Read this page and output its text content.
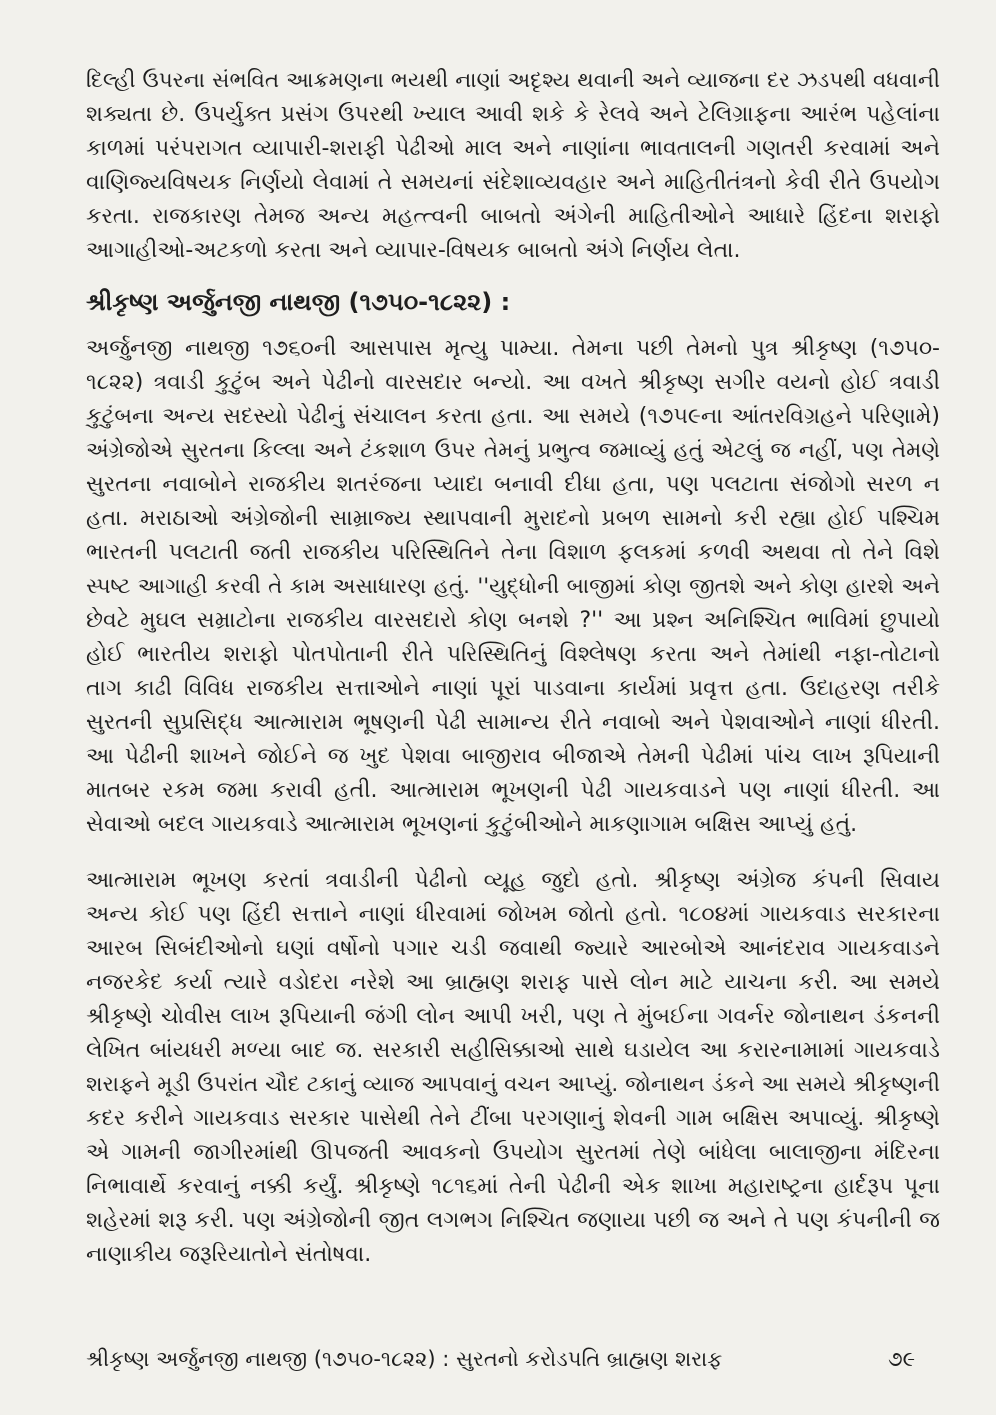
દિલ્હી ઉપરના સંભવિત આક્રમણના ભયથી નાણાં અદૃશ્ય થવાની અને વ્યાજના દર ઝડપથી વધવાની
શક્યતા છે. ઉપર્યુક્ત પ્રસંગ ઉપરથી ખ્યાલ આવી શકે કે રેલવે અને ટેલિગ્રાફના આરંભ પહેલાંના
કાળમાં પરંપરાગત વ્યાપારી-શરાફી પેઢીઓ માલ અને નાણાંના ભાવતાલની ગણતરી કરવામાં અને
વાણિજ્યવિષયક નિર્ણયો લેવામાં તે સમયનાં સંદેશાવ્યવહાર અને માહિતીતંત્રનો કેવી રીતે ઉપયોગ
કરતા. રાજકારણ તેમજ અન્ય મહત્ત્વની બાબતો અંગેની માહિતીઓને આધારે હિંદના શરાફો
આગાહીઓ-અટકળો કરતા અને વ્યાપાર-વિષયક બાબતો અંગે નિર્ણય લેતા.
શ્રીકૃષ્ણ અર્જુનજી નાથજી (૧૭૫૦-૧૮૨૨) :
અર્જુનજી નાથજી ૧૭૬૦ની આસપાસ મૃત્યુ પામ્યા. તેમના પછી તેમનો પુત્ર શ્રીકૃષ્ણ (૧૭૫૦-
૧૮૨૨) ત્રવાડી કુટુંબ અને પેઢીનો વારસદાર બન્યો. આ વખતે શ્રીકૃષ્ણ સગીર વયનો હોઈ ત્રવાડી
કુટુંબના અન્ય સદસ્યો પેઢીનું સંચાલન કરતા હતા. આ સમયે (૧૭૫૯ના આંતરવિગ્રહને પરિણામે)
અંગ્રેજોએ સુરતના કિલ્લા અને ટંકશાળ ઉપર તેમનું પ્રભુત્વ જમાવ્યું હતું એટલું જ નહીં, પણ તેમણે
સુરતના નવાબોને રાજકીય શતરંજના પ્યાદા બનાવી દીધા હતા, પણ પલટાતા સંજોગો સરળ ન
હતા. મરાઠાઓ અંગ્રેજોની સામ્રાજ્ય સ્થાપવાની મુરાદનો પ્રબળ સામનો કરી રહ્યા હોઈ પશ્ચિમ
ભારતની પલટાતી જતી રાજકીય પરિસ્થિતિને તેના વિશાળ ફલકમાં કળવી અથવા તો તેને વિશે
સ્પષ્ટ આગાહી કરવી તે કામ અસાધારણ હતું. ''યુદ્ધોની બાજીમાં કોણ જીતશે અને કોણ હારશે અને
છેવટે મુઘલ સમ્રાટોના રાજકીય વારસદારો કોણ બનશે ?'' આ પ્રશ્ન અનિશ્ચિત ભાવિમાં છુપાયો
હોઈ ભારતીય શરાફો પોતપોતાની રીતે પરિસ્થિતિનું વિશ્લેષણ કરતા અને તેમાંથી નફા-તોટાનો
તાગ કાઢી વિવિધ રાજકીય સત્તાઓને નાણાં પૂરાં પાડવાના કાર્યમાં પ્રવૃત્ત હતા. ઉદાહરણ તરીકે
સુરતની સુપ્રસિદ્ધ આત્મારામ ભૂષણની પેઢી સામાન્ય રીતે નવાબો અને પેશવાઓને નાણાં ધીરતી.
આ પેઢીની શાખને જોઈને જ ખુદ પેશવા બાજીરાવ બીજાએ તેમની પેઢીમાં પાંચ લાખ રૂપિયાની
માતબર રકમ જમા કરાવી હતી. આત્મારામ ભૂખણની પેઢી ગાયકવાડને પણ નાણાં ધીરતી. આ
સેવાઓ બદલ ગાયકવાડે આત્મારામ ભૂખણનાં કુટુંબીઓને માકણાગામ બક્ષિસ આપ્યું હતું.
આત્મારામ ભૂખણ કરતાં ત્રવાડીની પેઢીનો વ્યૂહ જુદો હતો. શ્રીકૃષ્ણ અંગ્રેજ કંપની સિવાય
અન્ય કોઈ પણ હિંદી સત્તાને નાણાં ધીરવામાં જોખમ જોતો હતો. ૧૮૦૪માં ગાયકવાડ સરકારના
આરબ સિબંદીઓનો ઘણાં વર્ષોનો પગાર ચડી જવાથી જ્યારે આરબોએ આનંદરાવ ગાયકવાડને
નજરકેદ કર્યા ત્યારે વડોદરા નરેશે આ બ્રાહ્મણ શરાફ પાસે લોન માટે યાચના કરી. આ સમયે
શ્રીકૃષ્ણે ચોવીસ લાખ રૂપિયાની જંગી લોન આપી ખરી, પણ તે મુંબઈના ગવર્નર જોનાથન ડંકનની
લેખિત બાંયધરી મળ્યા બાદ જ. સરકારી સહીસિક્કાઓ સાથે ઘડાયેલ આ કરારનામામાં ગાયકવાડે
શરાફને મૂડી ઉપરાંત ચૌદ ટકાનું વ્યાજ આપવાનું વચન આપ્યું. જોનાથન ડંકને આ સમયે શ્રીકૃષ્ણની
કદર કરીને ગાયકવાડ સરકાર પાસેથી તેને ટીંબા પરગણાનું શેવની ગામ બક્ષિસ અપાવ્યું. શ્રીકૃષ્ણે
એ ગામની જાગીરમાંથી ઊપજતી આવકનો ઉપયોગ સુરતમાં તેણે બાંધેલા બાલાજીના મંદિરના
નિભાવાર્થે કરવાનું નક્કી કર્યું. શ્રીકૃષ્ણે ૧૮૧૬માં તેની પેઢીની એક શાખા મહારાષ્ટ્રના હાર્દરૂપ પૂના
શહેરમાં શરૂ કરી. પણ અંગ્રેજોની જીત લગભગ નિશ્ચિત જણાયા પછી જ અને તે પણ કંપનીની જ
નાણાકીય જરૂરિયાતોને સંતોષવા.
શ્રીકૃષ્ણ અર્જુનજી નાથજી (૧૭૫૦-૧૮૨૨) : સુરતનો કરોડપતિ બ્રાહ્મણ શરાફ	૭૯
